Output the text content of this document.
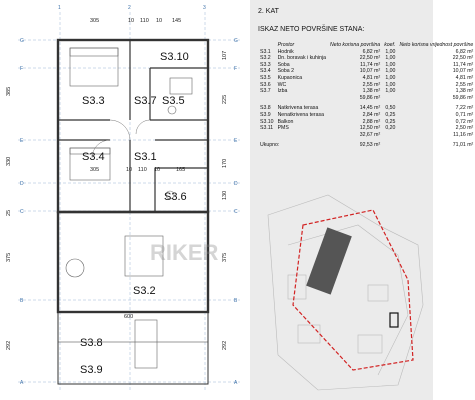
1	2	3
G
F
E
D
C
B
A
G
F
E
D
C
B
A
S3.10
S3.3	S3.7 S3.5
S3.4	S3.1
S3.6
S3.2
S3.8
S3.9
305	10 110 10 145
305	10 110 10	165
600
385
330
375
292
25
107
225
170
375
292
130
RIKER
2. KAT
ISKAZ NETO POVRŠINE STANA:
	Prostor	Neto korisna površina	koef.	Neto korisna vrijednost površine
S3.1	Hodnik	6,82 m²	1,00	6,82 m²
S3.2	Dn. boravak i kuhinja	22,50 m²	1,00	22,50 m²
S3.3	Soba	11,74 m²	1,00	11,74 m²
S3.4	Soba 2	10,07 m²	1,00	10,07 m²
S3.5	Kupaonica	4,81 m²	1,00	4,81 m²
S3.6	WC	2,55 m²	1,00	2,55 m²
S3.7	Izba	1,38 m²	1,00	1,38 m²
		59,86 m²		59,86 m²

S3.8	Natkrivena terasa	14,45 m²	0,50	7,22 m²
S3.9	Nenatkrivena terasa	2,84 m²	0,25	0,71 m²
S3.10	Balkon	2,88 m²	0,25	0,72 m²
S3.11	PMS	12,50 m²	0,20	2,50 m²
		32,67 m²		11,16 m²

Ukupno:		92,53 m²		71,01 m²
